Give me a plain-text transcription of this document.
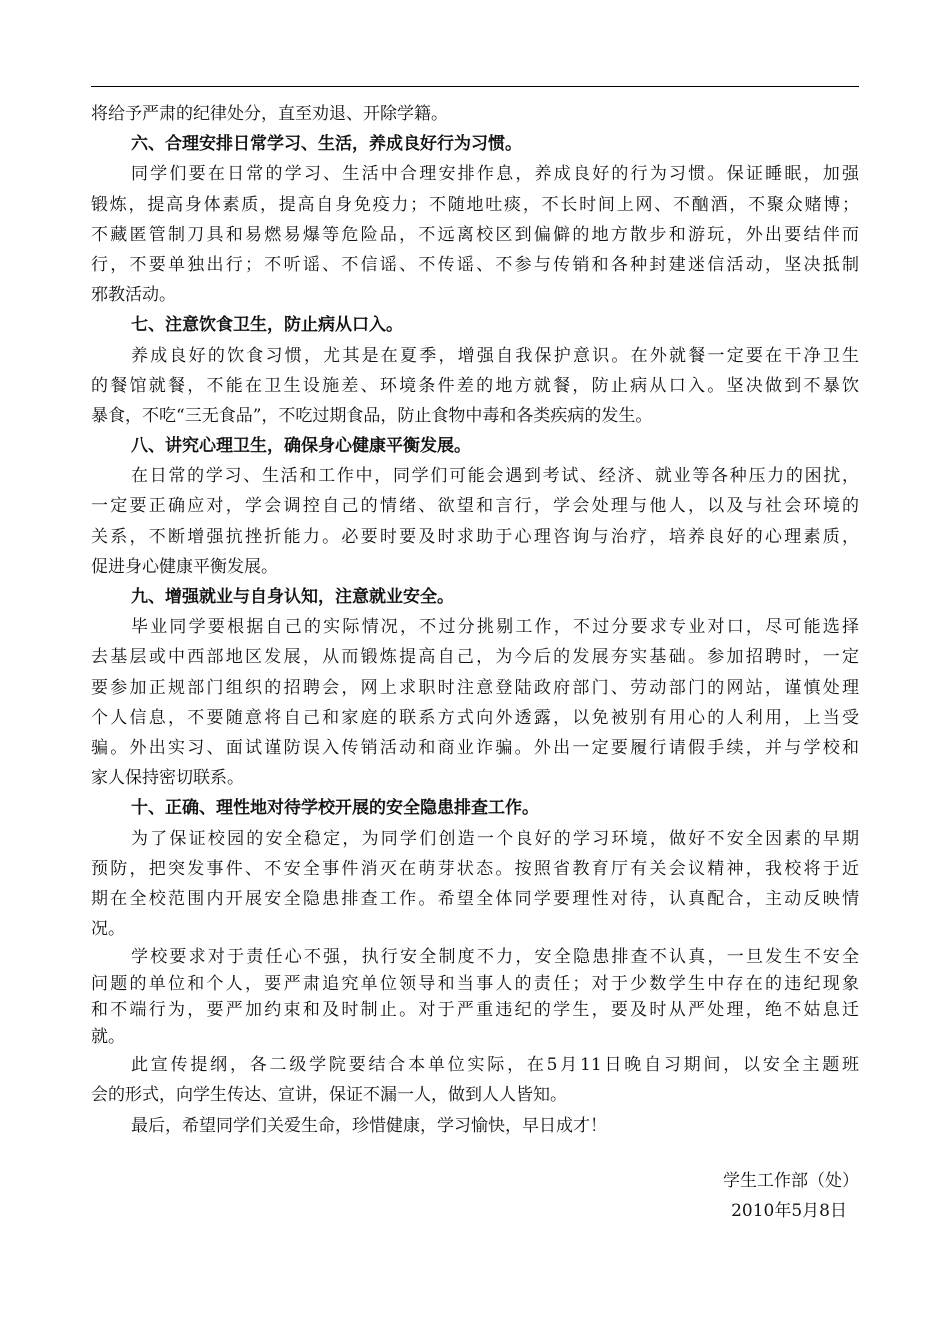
将给予严肃的纪律处分，直至劝退、开除学籍。
六、合理安排日常学习、生活，养成良好行为习惯。
同学们要在日常的学习、生活中合理安排作息，养成良好的行为习惯。保证睡眠，加强
锻炼，提高身体素质，提高自身免疫力；不随地吐痰，不长时间上网、不酗酒，不聚众赌博；
不藏匿管制刀具和易燃易爆等危险品，不远离校区到偏僻的地方散步和游玩，外出要结伴而
行，不要单独出行；不听谣、不信谣、不传谣、不参与传销和各种封建迷信活动，坚决抵制
邪教活动。
七、注意饮食卫生，防止病从口入。
养成良好的饮食习惯，尤其是在夏季，增强自我保护意识。在外就餐一定要在干净卫生
的餐馆就餐，不能在卫生设施差、环境条件差的地方就餐，防止病从口入。坚决做到不暴饮
暴食，不吃“三无食品”，不吃过期食品，防止食物中毒和各类疾病的发生。
八、讲究心理卫生，确保身心健康平衡发展。
在日常的学习、生活和工作中，同学们可能会遇到考试、经济、就业等各种压力的困扰，
一定要正确应对，学会调控自己的情绪、欲望和言行，学会处理与他人，以及与社会环境的
关系，不断增强抗挫折能力。必要时要及时求助于心理咨询与治疗，培养良好的心理素质，
促进身心健康平衡发展。
九、增强就业与自身认知，注意就业安全。
毕业同学要根据自己的实际情况，不过分挑剔工作，不过分要求专业对口，尽可能选择
去基层或中西部地区发展，从而锻炼提高自己，为今后的发展夯实基础。参加招聘时，一定
要参加正规部门组织的招聘会，网上求职时注意登陆政府部门、劳动部门的网站，谨慎处理
个人信息，不要随意将自己和家庭的联系方式向外透露，以免被别有用心的人利用，上当受
骗。外出实习、面试谨防误入传销活动和商业诈骗。外出一定要履行请假手续，并与学校和
家人保持密切联系。
十、正确、理性地对待学校开展的安全隐患排查工作。
为了保证校园的安全稳定，为同学们创造一个良好的学习环境，做好不安全因素的早期
预防，把突发事件、不安全事件消灭在萌芽状态。按照省教育厅有关会议精神，我校将于近
期在全校范围内开展安全隐患排查工作。希望全体同学要理性对待，认真配合，主动反映情
况。
学校要求对于责任心不强，执行安全制度不力，安全隐患排查不认真，一旦发生不安全
问题的单位和个人，要严肃追究单位领导和当事人的责任；对于少数学生中存在的违纪现象
和不端行为，要严加约束和及时制止。对于严重违纪的学生，要及时从严处理，绝不姑息迁
就。
此宣传提纲，各二级学院要结合本单位实际，在5月11日晚自习期间，以安全主题班
会的形式，向学生传达、宣讲，保证不漏一人，做到人人皆知。
最后，希望同学们关爱生命，珍惜健康，学习愉快，早日成才！
学生工作部（处）
2010年5月8日
